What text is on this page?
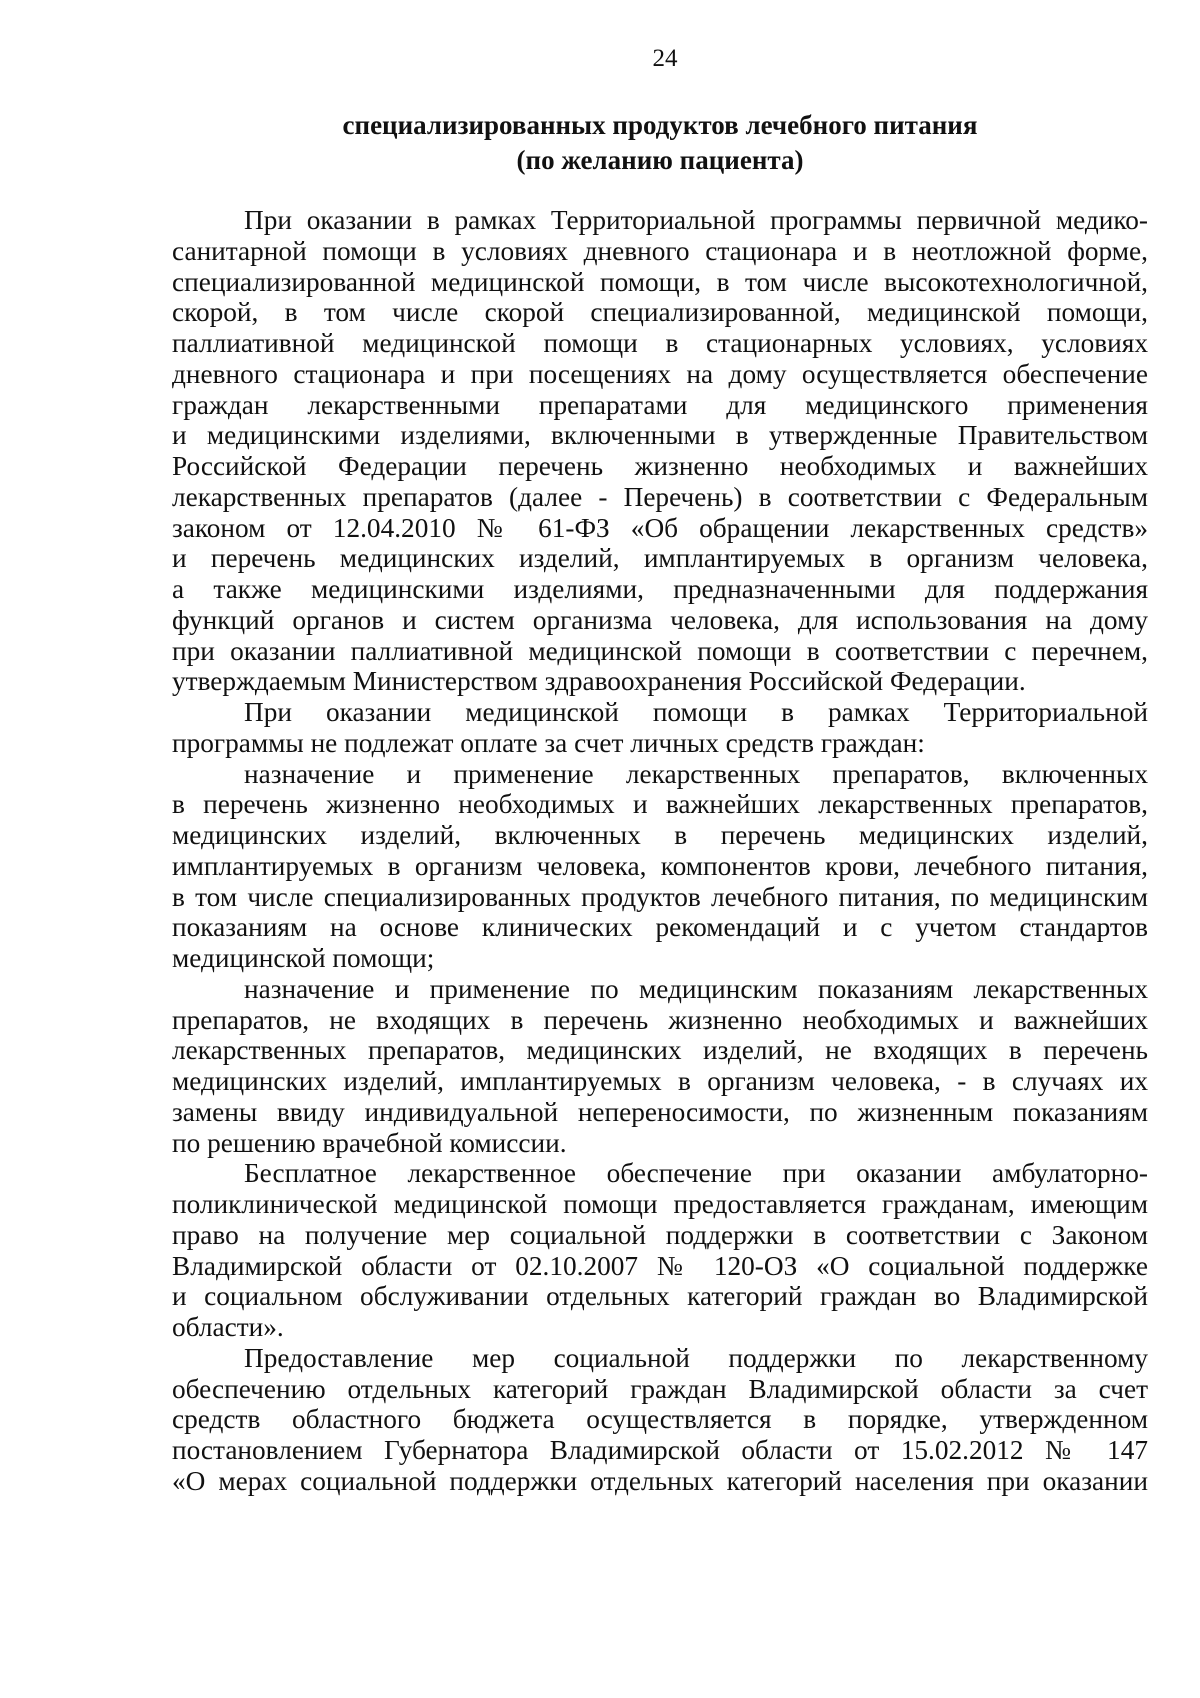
24
специализированных продуктов лечебного питания
(по желанию пациента)
При оказании в рамках Территориальной программы первичной медико-
санитарной помощи в условиях дневного стационара и в неотложной форме,
специализированной медицинской помощи, в том числе высокотехнологичной,
скорой, в том числе скорой специализированной, медицинской помощи,
паллиативной медицинской помощи в стационарных условиях, условиях
дневного стационара и при посещениях на дому осуществляется обеспечение
граждан лекарственными препаратами для медицинского применения
и медицинскими изделиями, включенными в утвержденные Правительством
Российской Федерации перечень жизненно необходимых и важнейших
лекарственных препаратов (далее - Перечень) в соответствии с Федеральным
законом от 12.04.2010 № 61-ФЗ «Об обращении лекарственных средств»
и перечень медицинских изделий, имплантируемых в организм человека,
а также медицинскими изделиями, предназначенными для поддержания
функций органов и систем организма человека, для использования на дому
при оказании паллиативной медицинской помощи в соответствии с перечнем,
утверждаемым Министерством здравоохранения Российской Федерации.
При оказании медицинской помощи в рамках Территориальной
программы не подлежат оплате за счет личных средств граждан:
назначение и применение лекарственных препаратов, включенных
в перечень жизненно необходимых и важнейших лекарственных препаратов,
медицинских изделий, включенных в перечень медицинских изделий,
имплантируемых в организм человека, компонентов крови, лечебного питания,
в том числе специализированных продуктов лечебного питания, по медицинским
показаниям на основе клинических рекомендаций и с учетом стандартов
медицинской помощи;
назначение и применение по медицинским показаниям лекарственных
препаратов, не входящих в перечень жизненно необходимых и важнейших
лекарственных препаратов, медицинских изделий, не входящих в перечень
медицинских изделий, имплантируемых в организм человека, - в случаях их
замены ввиду индивидуальной непереносимости, по жизненным показаниям
по решению врачебной комиссии.
Бесплатное лекарственное обеспечение при оказании амбулаторно-
поликлинической медицинской помощи предоставляется гражданам, имеющим
право на получение мер социальной поддержки в соответствии с Законом
Владимирской области от 02.10.2007 № 120-ОЗ «О социальной поддержке
и социальном обслуживании отдельных категорий граждан во Владимирской
области».
Предоставление мер социальной поддержки по лекарственному
обеспечению отдельных категорий граждан Владимирской области за счет
средств областного бюджета осуществляется в порядке, утвержденном
постановлением Губернатора Владимирской области от 15.02.2012 № 147
«О мерах социальной поддержки отдельных категорий населения при оказании
